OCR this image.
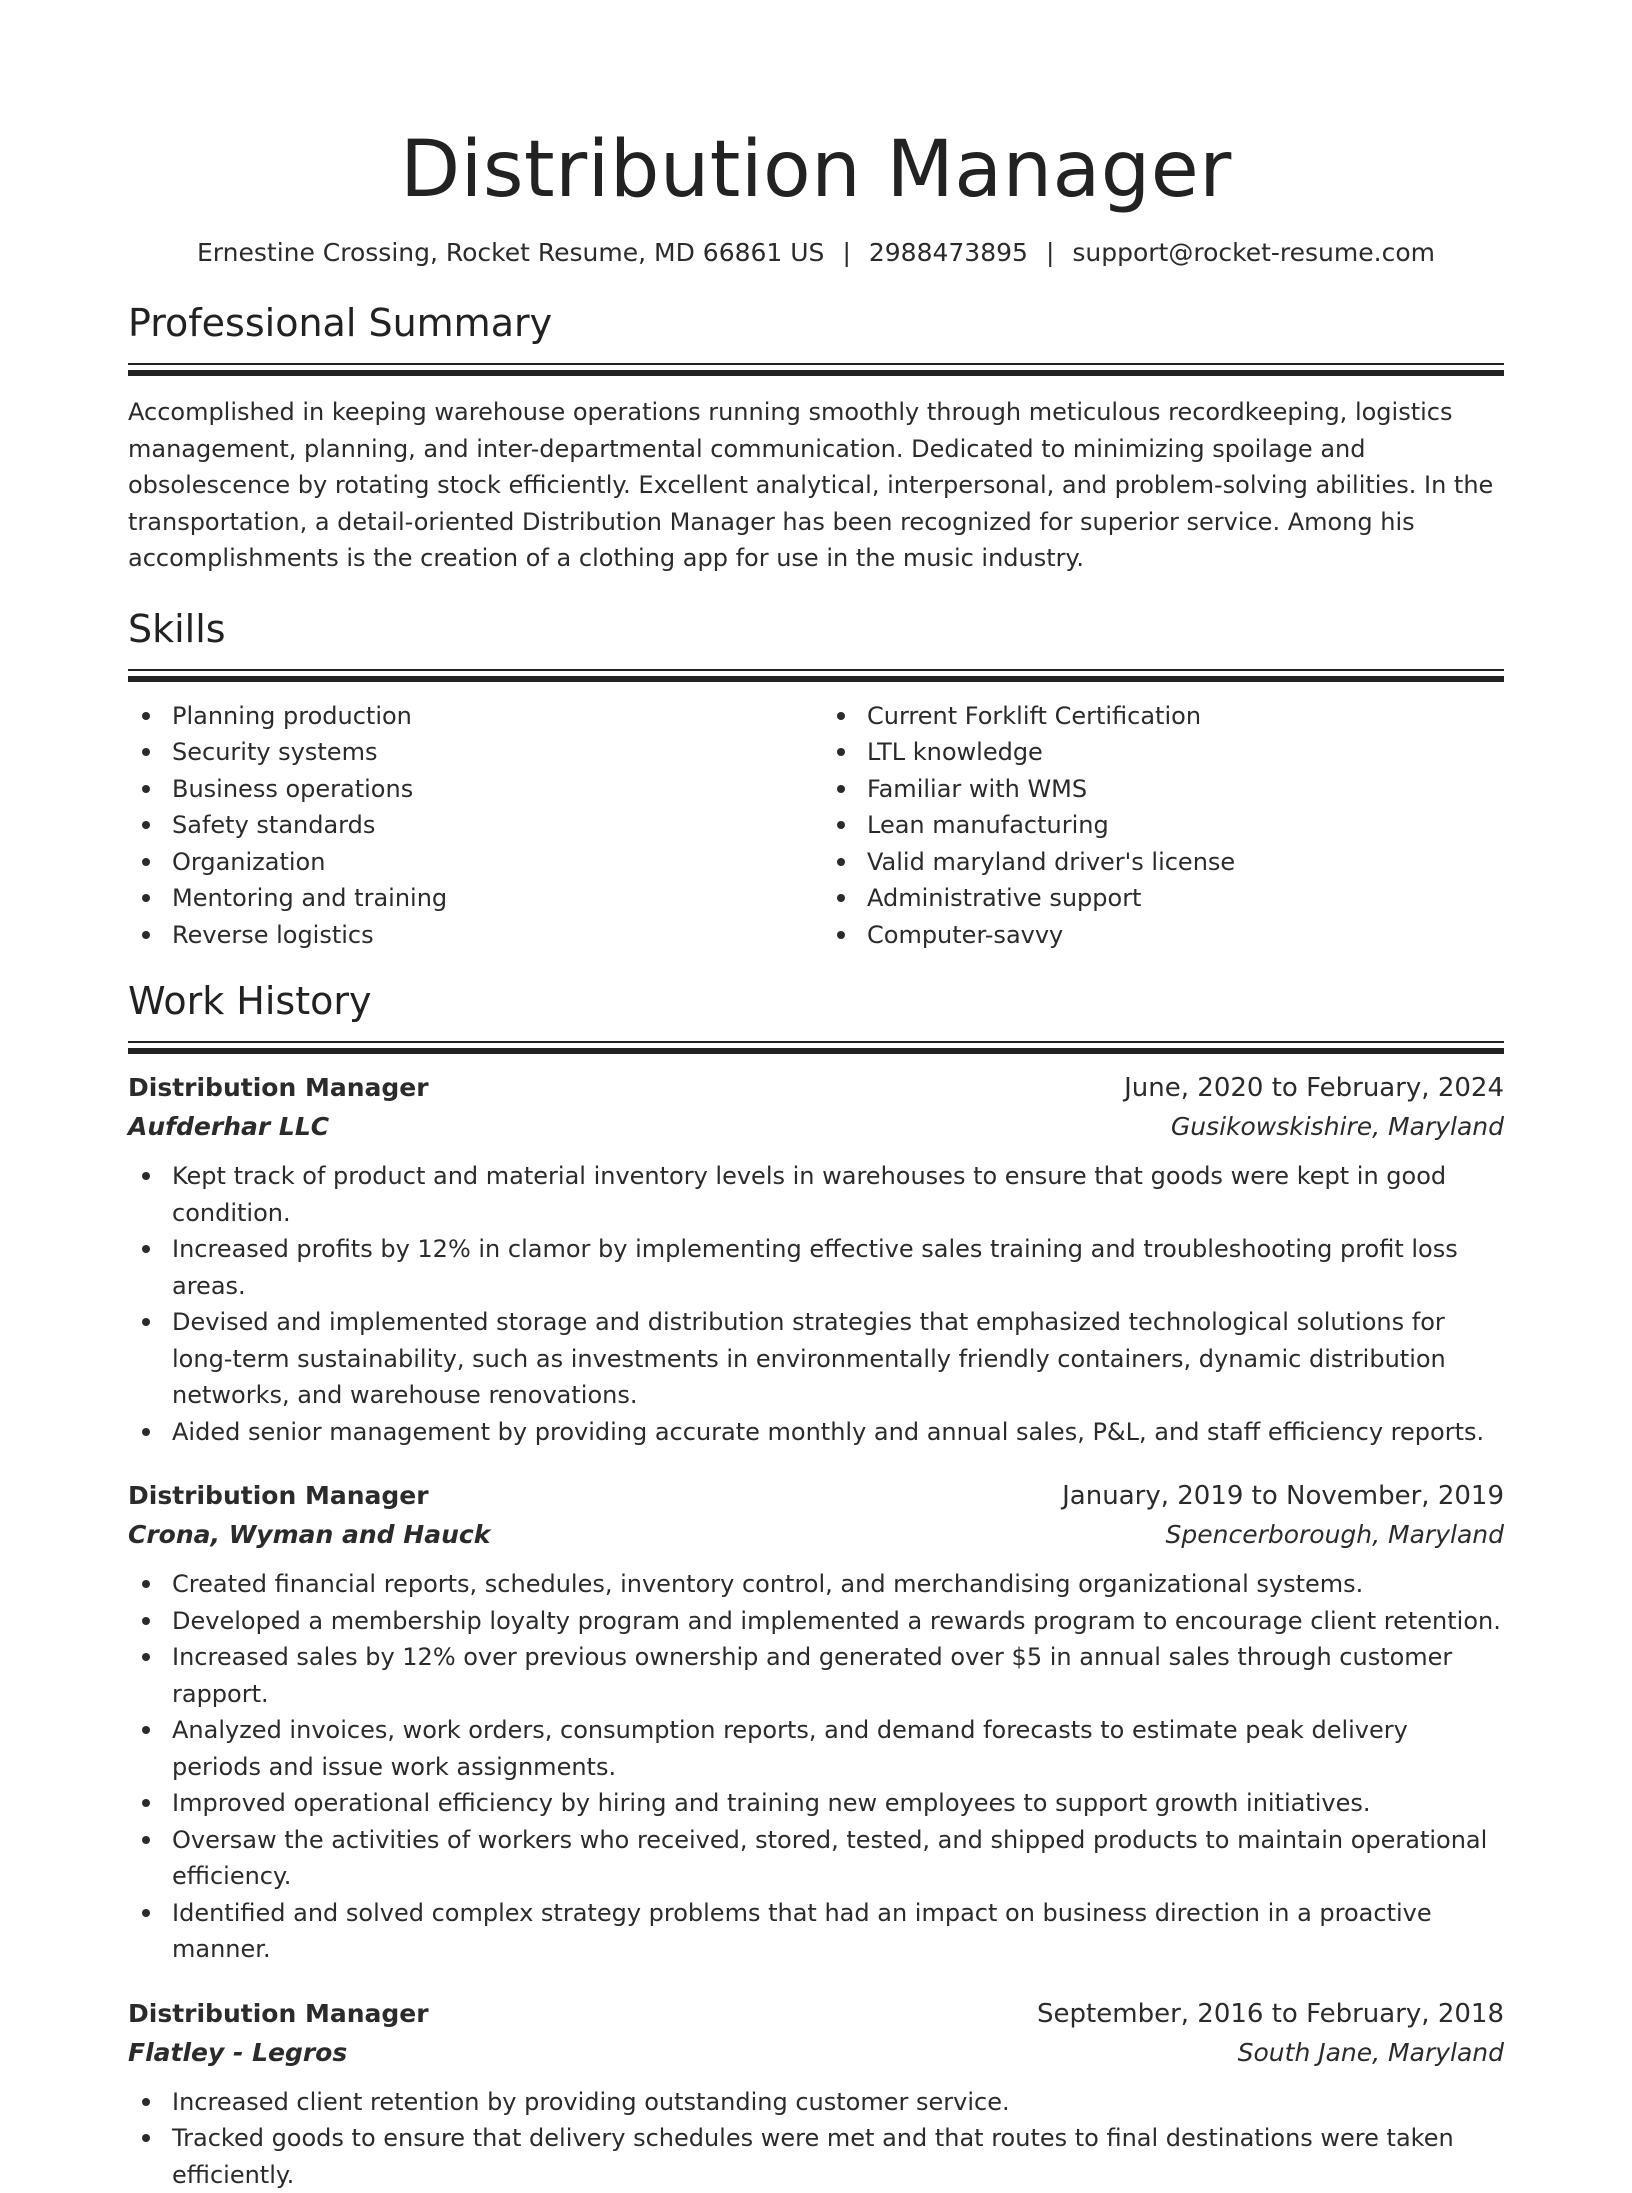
Distribution Manager
Ernestine Crossing, Rocket Resume, MD 66861 US | 2988473895 | support@rocket-resume.com
Professional Summary

Accomplished in keeping warehouse operations running smoothly through meticulous recordkeeping, logistics management, planning, and inter-departmental communication. Dedicated to minimizing spoilage and obsolescence by rotating stock efficiently. Excellent analytical, interpersonal, and problem-solving abilities. In the transportation, a detail-oriented Distribution Manager has been recognized for superior service. Among his accomplishments is the creation of a clothing app for use in the music industry.

Skills
Planning production
Security systems
Business operations
Safety standards
Organization
Mentoring and training
Reverse logistics
Current Forklift Certification
LTL knowledge
Familiar with WMS
Lean manufacturing
Valid maryland driver's license
Administrative support
Computer-savvy
Work History
Distribution Manager	June, 2020 to February, 2024
Aufderhar LLC	Gusikowskishire, Maryland
Kept track of product and material inventory levels in warehouses to ensure that goods were kept in good condition.
Increased profits by 12% in clamor by implementing effective sales training and troubleshooting profit loss areas.
Devised and implemented storage and distribution strategies that emphasized technological solutions for long-term sustainability, such as investments in environmentally friendly containers, dynamic distribution networks, and warehouse renovations.
Aided senior management by providing accurate monthly and annual sales, P&L, and staff efficiency reports.
Distribution Manager	January, 2019 to November, 2019
Crona, Wyman and Hauck	Spencerborough, Maryland
Created financial reports, schedules, inventory control, and merchandising organizational systems.
Developed a membership loyalty program and implemented a rewards program to encourage client retention.
Increased sales by 12% over previous ownership and generated over $5 in annual sales through customer rapport.
Analyzed invoices, work orders, consumption reports, and demand forecasts to estimate peak delivery periods and issue work assignments.
Improved operational efficiency by hiring and training new employees to support growth initiatives.
Oversaw the activities of workers who received, stored, tested, and shipped products to maintain operational efficiency.
Identified and solved complex strategy problems that had an impact on business direction in a proactive manner.
Distribution Manager	September, 2016 to February, 2018
Flatley - Legros	South Jane, Maryland
Increased client retention by providing outstanding customer service.
Tracked goods to ensure that delivery schedules were met and that routes to final destinations were taken efficiently.
